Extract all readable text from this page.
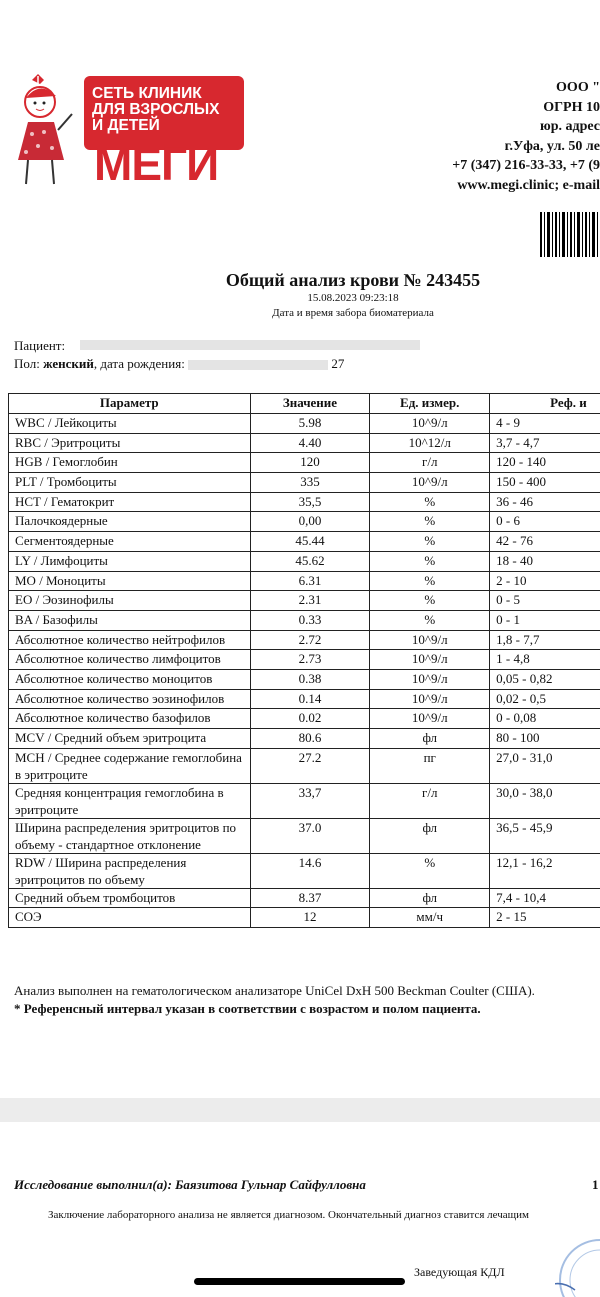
СЕТЬ КЛИНИК
ДЛЯ ВЗРОСЛЫХ
И ДЕТЕЙ
МЕГИ
ООО "
ОГРН 10
юр. адрес
г.Уфа, ул. 50 ле
+7 (347) 216-33-33, +7 (9
www.megi.clinic; e-mail
Общий анализ крови № 243455
15.08.2023 09:23:18
Дата и время забора биоматериала
Пациент:
Пол: женский, дата рождения:	27
Параметр	Значение	Ед. измер.	Реф. и
WBC / Лейкоциты	5.98	10^9/л	4 - 9
RBC / Эритроциты	4.40	10^12/л	3,7 - 4,7
HGB / Гемоглобин	120	г/л	120 - 140
PLT / Тромбоциты	335	10^9/л	150 - 400
HCT / Гематокрит	35,5	%	36 - 46
Палочкоядерные	0,00	%	0 - 6
Сегментоядерные	45.44	%	42 - 76
LY / Лимфоциты	45.62	%	18 - 40
MO / Моноциты	6.31	%	2 - 10
EO / Эозинофилы	2.31	%	0 - 5
BA / Базофилы	0.33	%	0 - 1
Абсолютное количество нейтрофилов	2.72	10^9/л	1,8 - 7,7
Абсолютное количество лимфоцитов	2.73	10^9/л	1 - 4,8
Абсолютное количество моноцитов	0.38	10^9/л	0,05 - 0,82
Абсолютное количество эозинофилов	0.14	10^9/л	0,02 - 0,5
Абсолютное количество базофилов	0.02	10^9/л	0 - 0,08
MCV / Средний объем эритроцита	80.6	фл	80 - 100
MCH / Среднее содержание гемоглобина в эритроците	27.2	пг	27,0 - 31,0
Средняя концентрация гемоглобина в эритроците	33,7	г/л	30,0 - 38,0
Ширина распределения эритроцитов по объему - стандартное отклонение	37.0	фл	36,5 - 45,9
RDW / Ширина распределения эритроцитов по объему	14.6	%	12,1 - 16,2
Средний объем тромбоцитов	8.37	фл	7,4 - 10,4
СОЭ	12	мм/ч	2 - 15
Анализ выполнен на гематологическом анализаторе UniCel DxH 500 Beckman Coulter (США).
* Референсный интервал указан в соответствии с возрастом и полом пациента.
Исследование выполнил(а): Баязитова Гульнар Сайфулловна	1
Заключение лабораторного анализа не является диагнозом. Окончательный диагноз ставится лечащим
Заведующая КДЛ
